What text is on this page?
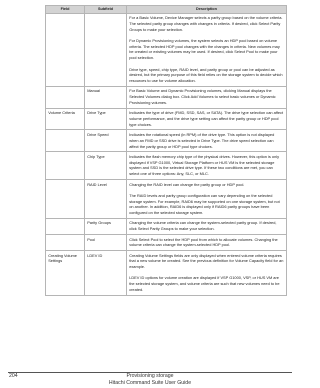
Field	Subfield	Description

		For a Basic Volume, Device Manager selects a parity group based on the volume criteria. The selected parity group changes with changes in criteria. If desired, click Select Parity Groups to make your selection.

For Dynamic Provisioning volumes, the system selects an HDP pool based on volume criteria. The selected HDP pool changes with the changes in criteria. New volumes may be created or existing volumes may be used. If desired, click Select Pool to make your pool selection.

Drive type, speed, chip type, RAID level, and parity group or pool can be adjusted as desired, but the primary purpose of this field relies on the storage system to decide which resources to use for volume allocation.

	Manual	For Basic Volume and Dynamic Provisioning volumes, clicking Manual displays the Selected Volumes dialog box. Click Add Volumes to select basic volumes or Dynamic Provisioning volumes.

Volume Criteria	Drive Type	Indicates the type of drive (FMD, SSD, SAS, or SATA). The drive type selection can affect volume performance, and the drive type setting can affect the parity group or HDP pool type choices.

	Drive Speed	Indicates the rotational speed (in RPM) of the drive type. This option is not displayed when an FMD or SSD drive is selected in Drive Type. The drive speed selection can affect the parity group or HDP pool type choices.

	Chip Type	Indicates the flash memory chip type of the physical drives. However, this option is only displayed if VSP G1000, Virtual Storage Platform or HUS VM is the selected storage system and SSD is the selected drive type. If these two conditions are met, you can select one of three options: Any, SLC, or MLC.

	RAID Level	Changing the RAID level can change the parity group or HDP pool.

The RAID levels and parity group configuration can vary depending on the selected storage system. For example, RAID6 may be supported on one storage system, but not on another. In addition, RAID6 is displayed only if RAID6 parity groups have been configured on the selected storage system.

	Parity Groups	Changing the volume criteria can change the system-selected parity group. If desired, click Select Parity Groups to make your selection.

	Pool	Click Select Pool to select the HDP pool from which to allocate volumes. Changing the volume criteria can change the system-selected HDP pool.

Creating Volume Settings	LDEV ID	Creating Volume Settings fields are only displayed when entered volume criteria requires that a new volume be created. See the previous definition for Volume Capacity field for an example.

LDEV ID options for volume creation are displayed if VSP G1000, VSP, or HUS VM are the selected storage system, and volume criteria are such that new volumes need to be created.

204	Provisioning storage
Hitachi Command Suite User Guide
